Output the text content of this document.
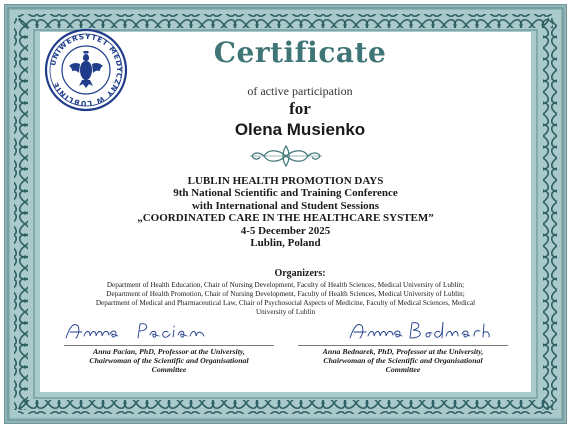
UNIWERSYTET MEDYCZNY W LUBLINIE
Certificate
of active participation
for
Olena Musienko
LUBLIN HEALTH PROMOTION DAYS
9th National Scientific and Training Conference
with International and Student Sessions
„COORDINATED CARE IN THE HEALTHCARE SYSTEM”
4-5 December 2025
Lublin, Poland
Organizers:
Department of Health Education, Chair of Nursing Development, Faculty of Health Sciences, Medical University of Lublin;
Department of Health Promotion, Chair of Nursing Development, Faculty of Health Sciences, Medical University of Lublin;
Department of Medical and Pharmaceutical Law, Chair of Psychosocial Aspects of Medicine, Faculty of Medical Sciences, Medical
University of Lublin
Anna Pacian, PhD, Professor at the University,
Chairwoman of the Scientific and Organisational
Committee
Anna Bednarek, PhD, Professor at the University,
Chairwoman of the Scientific and Organisational
Committee
